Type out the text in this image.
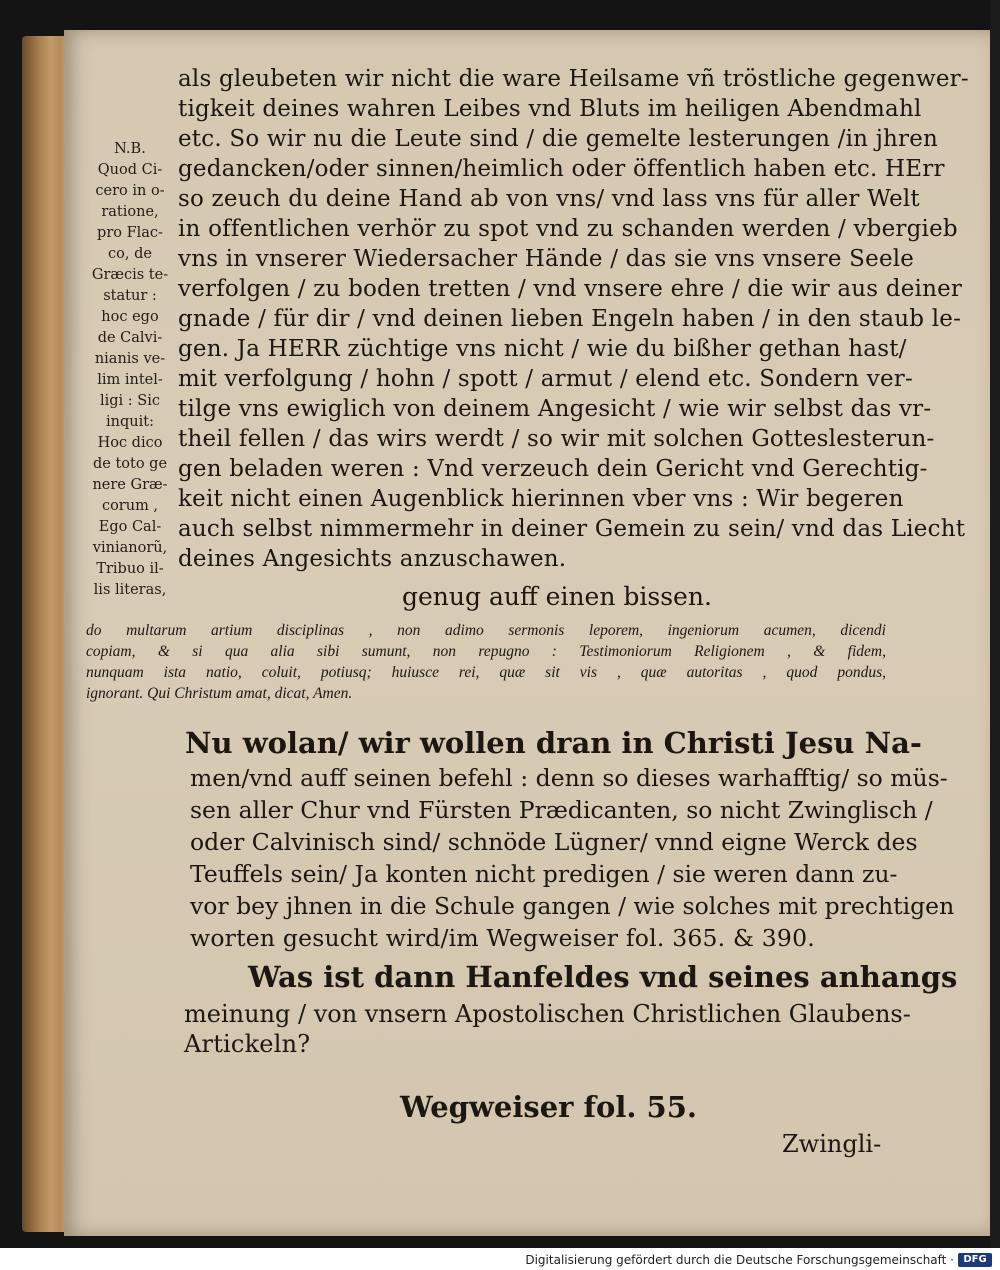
als gleubeten wir nicht die ware Heilsame vñ tröstliche gegenwer-

tigkeit deines wahren Leibes vnd Bluts im heiligen Abendmahl

etc. So wir nu die Leute sind / die gemelte lesterungen /in jhren

gedancken/oder sinnen/heimlich oder öffentlich haben etc. HErr

so zeuch du deine Hand ab von vns/ vnd lass vns für aller Welt

in offentlichen verhör zu spot vnd zu schanden werden / vbergieb

vns in vnserer Wiedersacher Hände / das sie vns vnsere Seele

verfolgen / zu boden tretten / vnd vnsere ehre / die wir aus deiner

gnade / für dir / vnd deinen lieben Engeln haben / in den staub le-

gen. Ja HERR züchtige vns nicht / wie du bißher gethan hast/

mit verfolgung / hohn / spott / armut / elend etc. Sondern ver-

tilge vns ewiglich von deinem Angesicht / wie wir selbst das vr-

theil fellen / das wirs werdt / so wir mit solchen Gotteslesterun-

gen beladen weren : Vnd verzeuch dein Gericht vnd Gerechtig-

keit nicht einen Augenblick hierinnen vber vns : Wir begeren

auch selbst nimmermehr in deiner Gemein zu sein/ vnd das Liecht

deines Angesichts anzuschawen.

genug auff einen bissen.

N.B.
Quod Ci-
cero in o-
ratione,
pro Flac-
co, de
Græcis te-
statur :
hoc ego
de Calvi-
nianis ve-
lim intel-
ligi : Sic
inquit:
Hoc dico
de toto ge
nere Græ-
corum ,
Ego Cal-
vinianorũ,
Tribuo il-
lis literas,
do multarum artium disciplinas , non adimo sermonis leporem, ingeniorum acumen, dicendi
copiam, & si qua alia sibi sumunt, non repugno : Testimoniorum Religionem , & fidem,
nunquam ista natio, coluit, potiusq; huiusce rei, quæ sit vis , quæ autoritas , quod pondus,
ignorant. Qui Christum amat, dicat, Amen.

Nu wolan/ wir wollen dran in Christi Jesu Na-

men/vnd auff seinen befehl : denn so dieses warhafftig/ so müs-

sen aller Chur vnd Fürsten Prædicanten, so nicht Zwinglisch /

oder Calvinisch sind/ schnöde Lügner/ vnnd eigne Werck des

Teuffels sein/ Ja konten nicht predigen / sie weren dann zu-

vor bey jhnen in die Schule gangen / wie solches mit prechtigen

worten gesucht wird/im Wegweiser fol. 365. & 390.

Was ist dann Hanfeldes vnd seines anhangs

meinung / von vnsern Apostolischen Christlichen Glaubens-

Artickeln?

Wegweiser fol. 55.

Zwingli-

Digitalisierung gefördert durch die Deutsche Forschungsgemeinschaft · DFG
